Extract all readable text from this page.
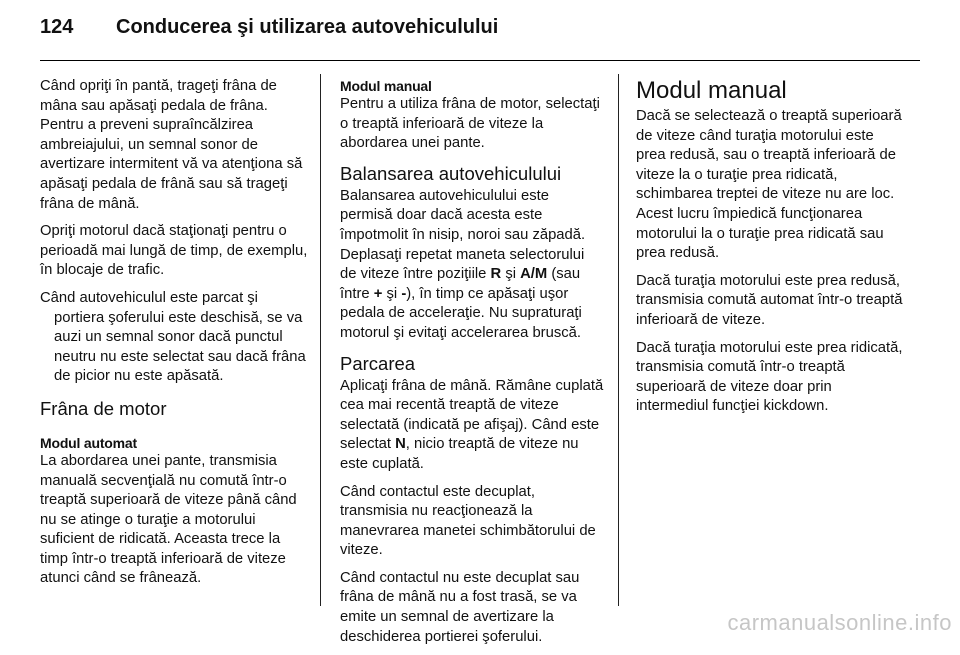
124 Conducerea şi utilizarea autovehiculului

Când opriţi în pantă, trageţi frâna de mâna sau apăsaţi pedala de frâna. Pentru a preveni supraîncălzirea ambreiajului, un semnal sonor de avertizare intermitent vă va atenţiona să apăsaţi pedala de frână sau să trageţi frâna de mână.

Opriţi motorul dacă staţionaţi pentru o perioadă mai lungă de timp, de exemplu, în blocaje de trafic.

Când autovehiculul este parcat şi portiera şoferului este deschisă, se va auzi un semnal sonor dacă punctul neutru nu este selectat sau dacă frâna de picior nu este apăsată.

Frâna de motor
Modul automat

La abordarea unei pante, transmisia manuală secvenţială nu comută într-o treaptă superioară de viteze până când nu se atinge o turaţie a motorului suficient de ridicată. Aceasta trece la timp într-o treaptă inferioară de viteze atunci când se frânează.

Modul manual

Pentru a utiliza frâna de motor, selectaţi o treaptă inferioară de viteze la abordarea unei pante.

Balansarea autovehiculului

Balansarea autovehiculului este permisă doar dacă acesta este împotmolit în nisip, noroi sau zăpadă. Deplasaţi repetat maneta selectorului de viteze între poziţiile R şi A/M (sau între + şi -), în timp ce apăsaţi uşor pedala de acceleraţie. Nu supraturaţi motorul şi evitaţi accelerarea bruscă.

Parcarea

Aplicaţi frâna de mână. Rămâne cuplată cea mai recentă treaptă de viteze selectată (indicată pe afişaj). Când este selectat N, nicio treaptă de viteze nu este cuplată.

Când contactul este decuplat, transmisia nu reacţionează la manevrarea manetei schimbătorului de viteze.

Când contactul nu este decuplat sau frâna de mână nu a fost trasă, se va emite un semnal de avertizare la deschiderea portierei şoferului.

Modul manual

Dacă se selectează o treaptă superioară de viteze când turaţia motorului este prea redusă, sau o treaptă inferioară de viteze la o turaţie prea ridicată, schimbarea treptei de viteze nu are loc. Acest lucru împiedică funcţionarea motorului la o turaţie prea ridicată sau prea redusă.

Dacă turaţia motorului este prea redusă, transmisia comută automat într-o treaptă inferioară de viteze.

Dacă turaţia motorului este prea ridicată, transmisia comută într-o treaptă superioară de viteze doar prin intermediul funcţiei kickdown.

carmanualsonline.info
